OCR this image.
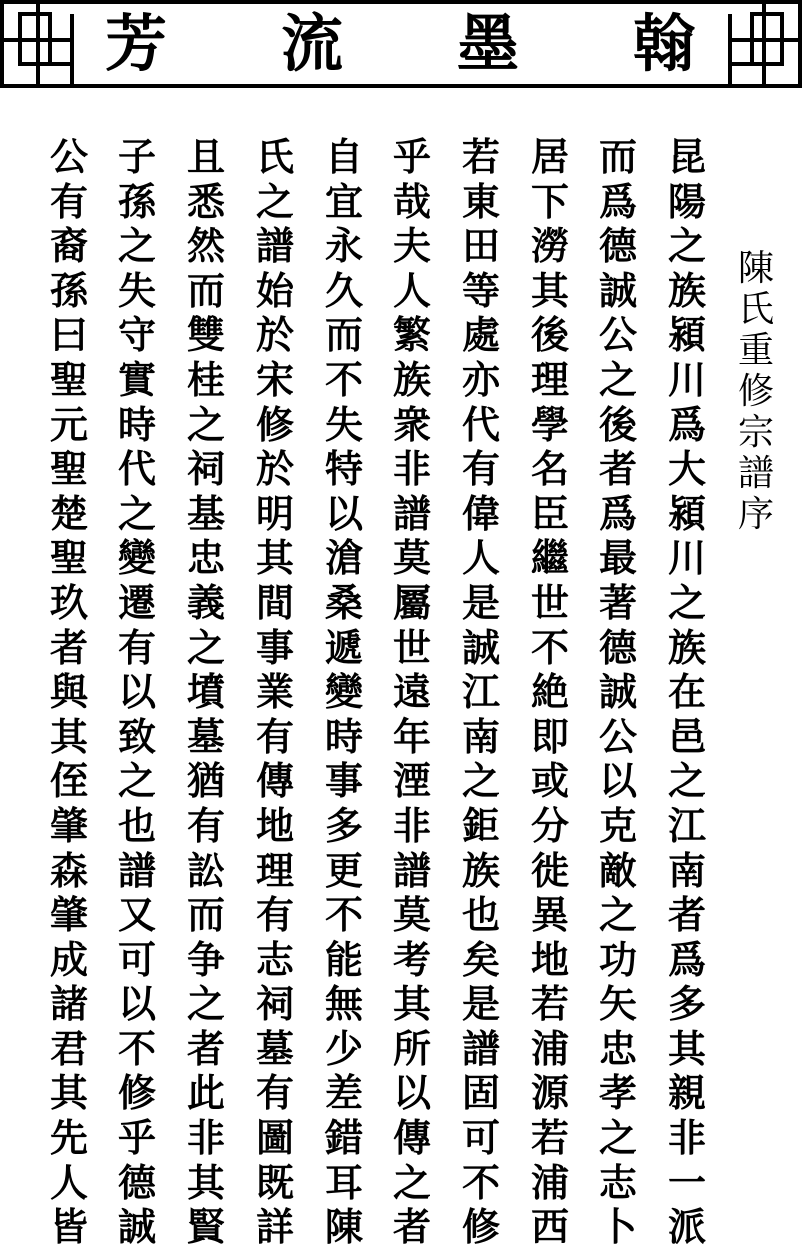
芳 流 墨 翰
陳
氏
重
修
宗
譜
序
昆
陽
之
族
潁
川
爲
大
潁
川
之
族
在
邑
之
江
南
者
爲
多
其
親
非
一
派
而
爲
德
誠
公
之
後
者
爲
最
著
德
誠
公
以
克
敵
之
功
矢
忠
孝
之
志
卜
居
下
澇
其
後
理
學
名
臣
繼
世
不
絶
即
或
分
徙
異
地
若
浦
源
若
浦
西
若
東
田
等
處
亦
代
有
偉
人
是
誠
江
南
之
鉅
族
也
矣
是
譜
固
可
不
修
乎
哉
夫
人
繁
族
衆
非
譜
莫
屬
世
遠
年
湮
非
譜
莫
考
其
所
以
傳
之
者
自
宜
永
久
而
不
失
特
以
滄
桑
遞
變
時
事
多
更
不
能
無
少
差
錯
耳
陳
氏
之
譜
始
於
宋
修
於
明
其
間
事
業
有
傳
地
理
有
志
祠
墓
有
圖
既
詳
且
悉
然
而
雙
桂
之
祠
基
忠
義
之
墳
墓
猶
有
訟
而
争
之
者
此
非
其
賢
子
孫
之
失
守
實
時
代
之
變
遷
有
以
致
之
也
譜
又
可
以
不
修
乎
德
誠
公
有
裔
孫
曰
聖
元
聖
楚
聖
玖
者
與
其
侄
肇
森
肇
成
諸
君
其
先
人
皆
